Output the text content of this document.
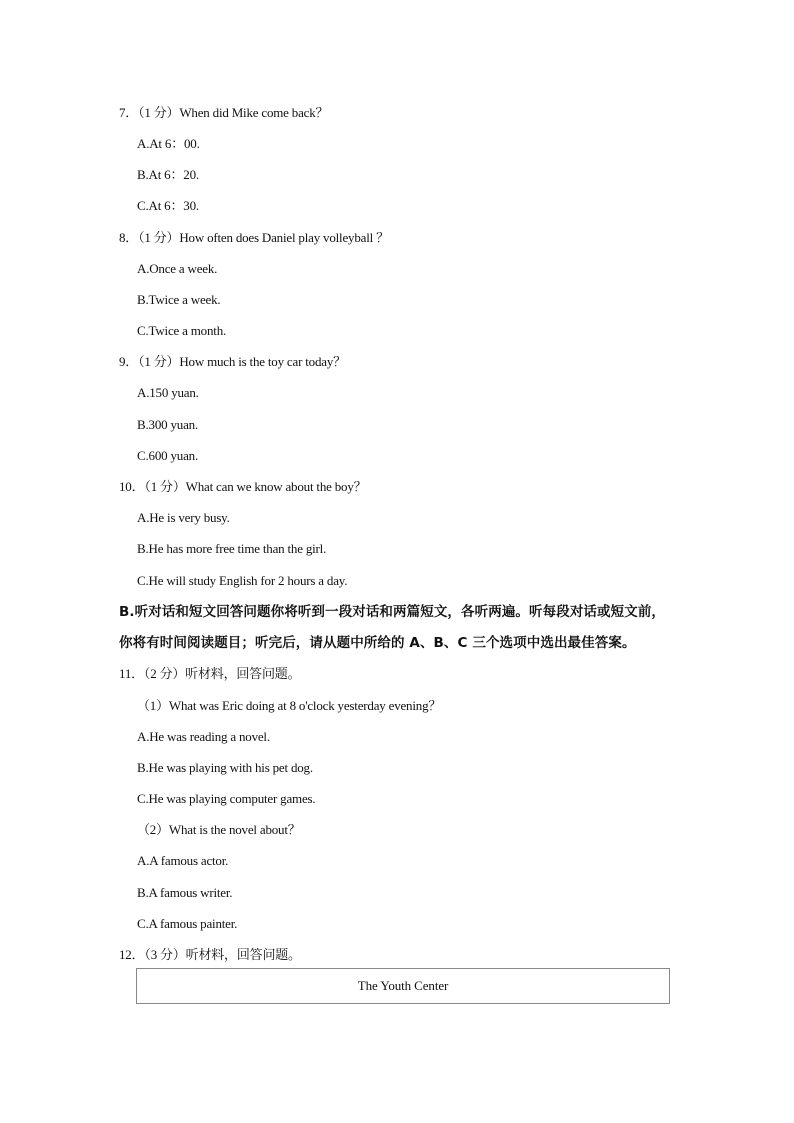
7．（1 分）When did Mike come back？
A.At 6：00.
B.At 6：20.
C.At 6：30.
8．（1 分）How often does Daniel play volleyball ？
A.Once a week.
B.Twice a week.
C.Twice a month.
9．（1 分）How much is the toy car today？
A.150 yuan.
B.300 yuan.
C.600 yuan.
10．（1 分）What can we know about the boy？
A.He is very busy.
B.He has more free time than the girl.
C.He will study English for 2 hours a day.
B.听对话和短文回答问题你将听到一段对话和两篇短文，各听两遍。听每段对话或短文前，
你将有时间阅读题目；听完后，请从题中所给的 A、B、C 三个选项中选出最佳答案。
11．（2 分）听材料，回答问题。
（1）What was Eric doing at 8 o'clock yesterday evening？
A.He was reading a novel.
B.He was playing with his pet dog.
C.He was playing computer games.
（2）What is the novel about？
A.A famous actor.
B.A famous writer.
C.A famous painter.
12．（3 分）听材料，回答问题。
The Youth Center
